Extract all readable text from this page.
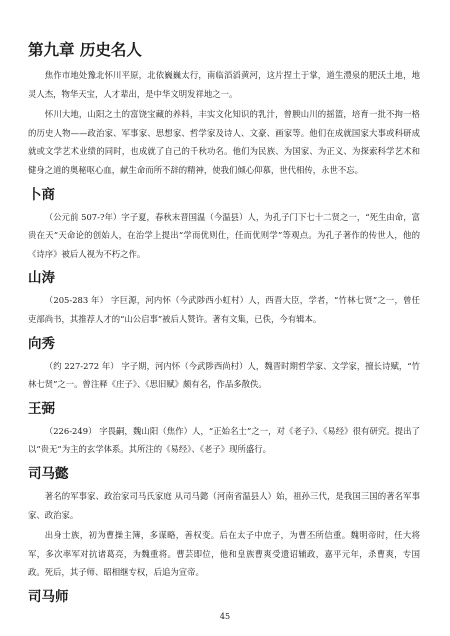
第九章 历史名人

焦作市地处豫北怀川平原，北依巍巍太行，南临滔滔黄河，这片捏土于掌，道生澧泉的肥沃土地，地灵人杰，物华天宝，人才辈出，是中华文明发祥地之一。

怀川大地，山阳之土的富饶宝藏的养料，丰实文化知识的乳汁，曾腴山川的摇篮，培育一批不拘一格的历史人物——政治家、军事家、思想家、哲学家及诗人、文豪、画家等。他们在成就国家大事或科研成就或文学艺术业绩的同时，也成就了自己的千秋功名。他们为民族、为国家、为正义、为探索科学艺术和健身之道的奥秘呕心血，献生命而所不辞的精神，使我们倾心仰慕，世代相传，永世不忘。

卜商

（公元前 507-?年）字子夏，春秋末晋国温（今温县）人，为孔子门下七十二贤之一，“死生由命，富贵在天”天命论的创始人，在治学上提出“学而优则仕，任而优则学”等观点。为孔子著作的传世人，他的《诗序》被后人视为不朽之作。

山涛

（205-283 年） 字巨源，河内怀（今武陟西小虹村）人，西晋大臣，学者，“竹林七贤”之一，曾任吏部尚书，其推荐人才的“山公启事”被后人赞许。著有文集，已佚，今有辑本。

向秀

（约 227-272 年） 字子期，河内怀（今武陟西尚村）人，魏晋时期哲学家、文学家，擅长诗赋，“竹林七贤”之一。曾注释《庄子》、《思旧赋》颇有名，作品多散佚。

王弼

（226-249） 字畏嗣，魏山阳（焦作）人，“正始名士”之一，对《老子》、《易经》很有研究。提出了以“贵无”为主的玄学体系。其所注的《易经》、《老子》现所盛行。

司马懿

著名的军事家、政治家司马氏家庭 从司马懿（河南省温县人）始，祖孙三代，是我国三国的著名军事家、政治家。

出身士族，初为曹操主簿，多谋略，善权变。后在太子中庶子，为曹丕所信重。魏明帝时，任大将军，多次率军对抗诸葛亮，为魏重将。曹芸即位，他和皇族曹爽受遗诏辅政，嘉平元年，杀曹爽，专国政。死后，其子师、昭相继专权，后追为宣帝。

司马师
45
